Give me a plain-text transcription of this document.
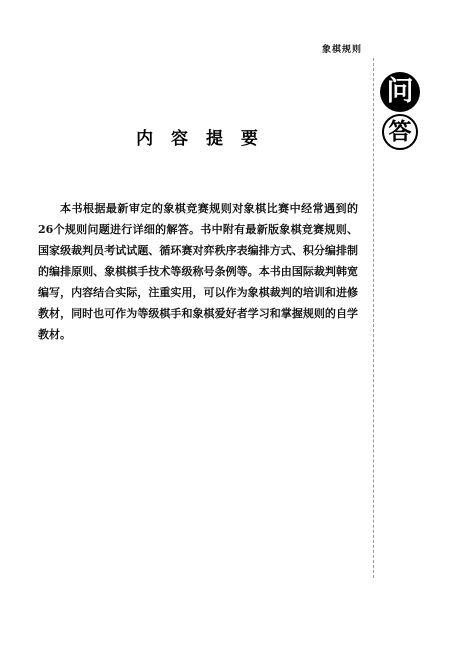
象棋规则
问
答
内 容 提 要
本书根据最新审定的象棋竞赛规则对象棋比赛中经常遇到的26个规则问题进行详细的解答。书中附有最新版象棋竞赛规则、国家级裁判员考试试题、循环赛对弈秩序表编排方式、积分编排制的编排原则、象棋棋手技术等级称号条例等。本书由国际裁判韩宽编写，内容结合实际，注重实用，可以作为象棋裁判的培训和进修教材，同时也可作为等级棋手和象棋爱好者学习和掌握规则的自学教材。
